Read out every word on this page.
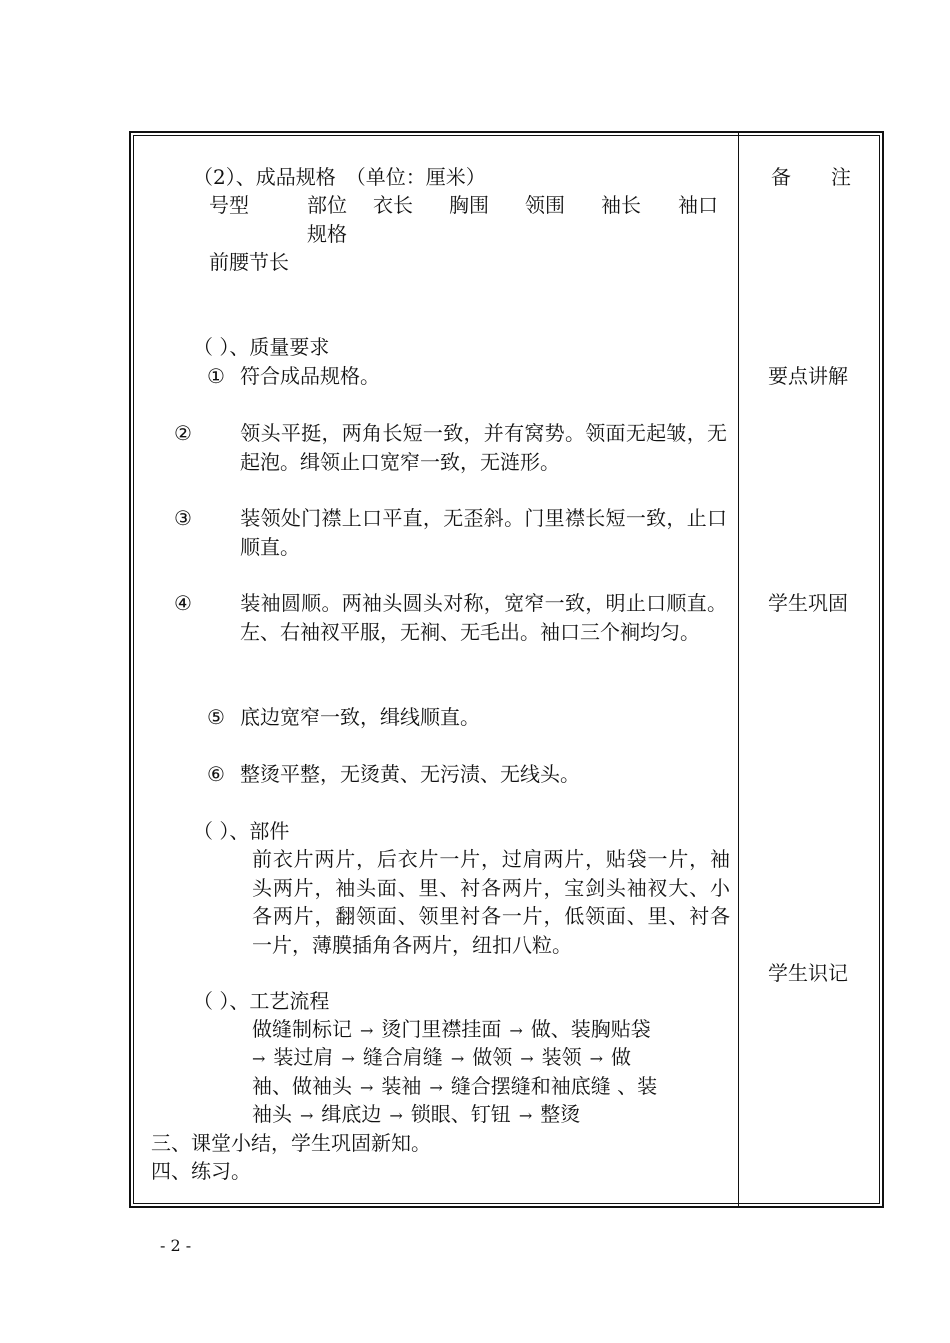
（2）、成品规格　（单位：厘米）
号型	部位 衣长 胸围 领围 袖长 袖口
规格
前腰节长
（ ）、质量要求
① 符合成品规格。
② 领头平挺，两角长短一致，并有窝势。领面无起皱，无起泡。缉领止口宽窄一致，无涟形。
③ 装领处门襟上口平直，无歪斜。门里襟长短一致，止口顺直。
④ 装袖圆顺。两袖头圆头对称，宽窄一致，明止口顺直。左、右袖衩平服，无裥、无毛出。袖口三个裥均匀。
⑤ 底边宽窄一致，缉线顺直。
⑥ 整烫平整，无烫黄、无污渍、无线头。
（ ）、部件
前衣片两片，后衣片一片，过肩两片，贴袋一片，袖头两片，袖头面、里、衬各两片，宝剑头袖衩大、小各两片，翻领面、领里衬各一片，低领面、里、衬各一片，薄膜插角各两片，纽扣八粒。
（ ）、工艺流程
做缝制标记 → 烫门里襟挂面 → 做、装胸贴袋
→ 装过肩 → 缝合肩缝 → 做领 → 装领 → 做
袖、做袖头 → 装袖 → 缝合摆缝和袖底缝 、装
袖头 → 缉底边 → 锁眼、钉钮 → 整烫
三、课堂小结，学生巩固新知。
四、练习。
备　　注
要点讲解
学生巩固
学生识记
- 2 -
